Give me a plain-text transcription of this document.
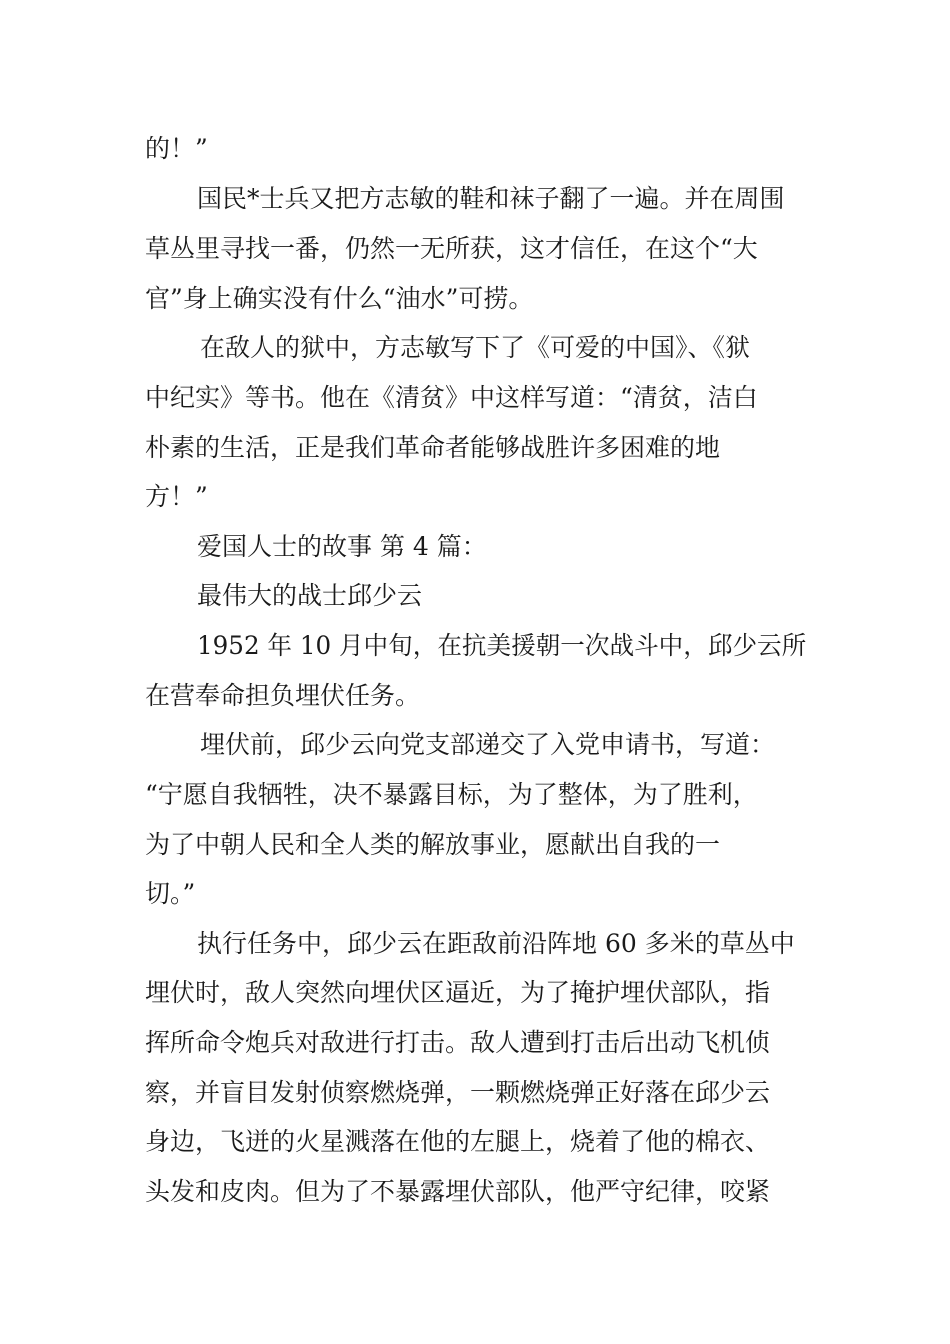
的！”
国民*士兵又把方志敏的鞋和袜子翻了一遍。并在周围
草丛里寻找一番，仍然一无所获，这才信任，在这个“大
官”身上确实没有什么“油水”可捞。
在敌人的狱中，方志敏写下了《可爱的中国》、《狱
中纪实》等书。他在《清贫》中这样写道：“清贫，洁白
朴素的生活，正是我们革命者能够战胜许多困难的地
方！”
爱国人士的故事 第 4 篇：
最伟大的战士邱少云
1952 年 10 月中旬，在抗美援朝一次战斗中，邱少云所
在营奉命担负埋伏任务。
埋伏前，邱少云向党支部递交了入党申请书，写道：
“宁愿自我牺牲，决不暴露目标，为了整体，为了胜利，
为了中朝人民和全人类的解放事业，愿献出自我的一
切。”
执行任务中，邱少云在距敌前沿阵地 60 多米的草丛中
埋伏时，敌人突然向埋伏区逼近，为了掩护埋伏部队，指
挥所命令炮兵对敌进行打击。敌人遭到打击后出动飞机侦
察，并盲目发射侦察燃烧弹，一颗燃烧弹正好落在邱少云
身边，飞迸的火星溅落在他的左腿上，烧着了他的棉衣、
头发和皮肉。但为了不暴露埋伏部队，他严守纪律，咬紧
